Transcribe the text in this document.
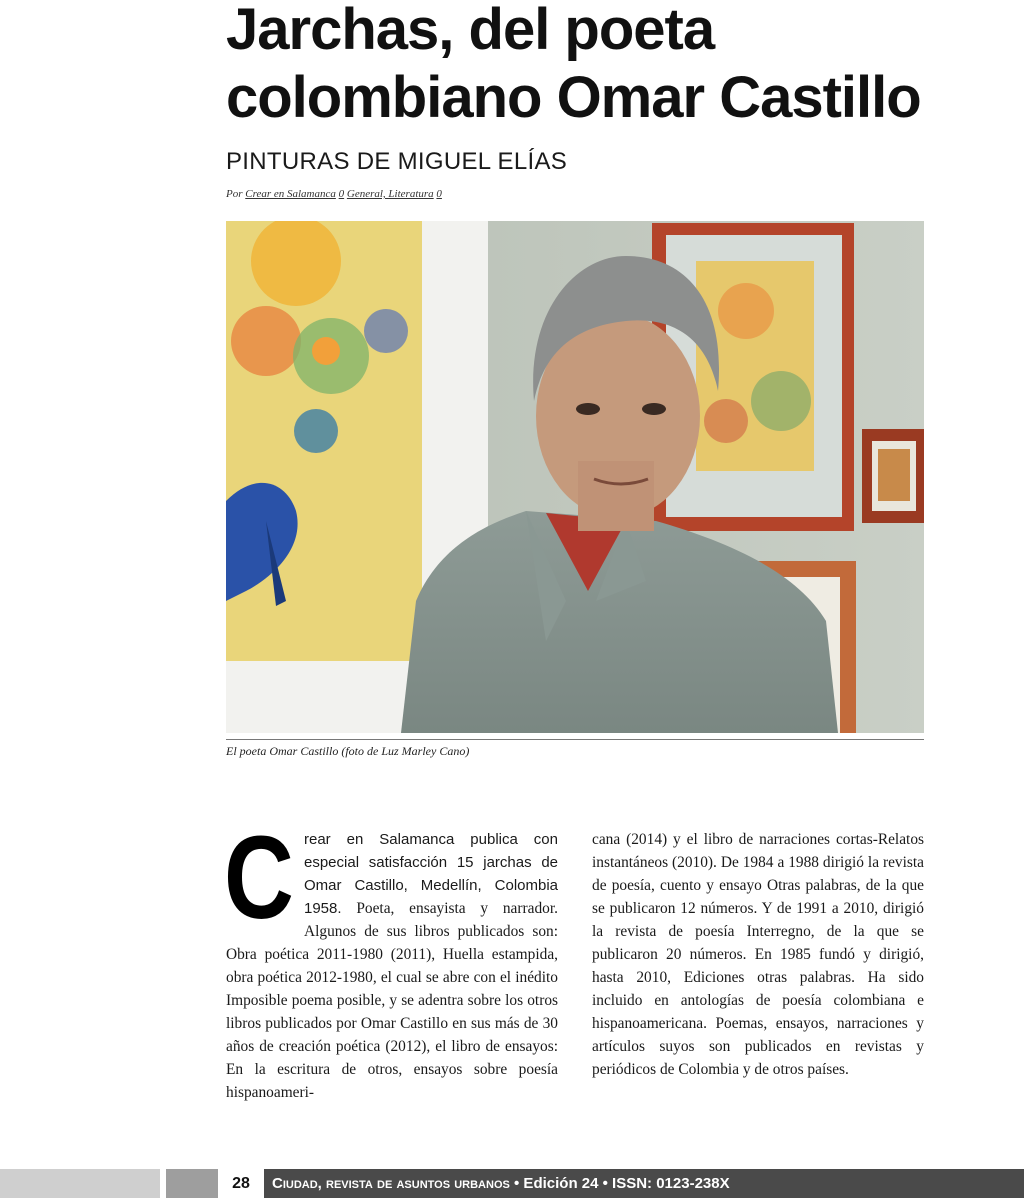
Jarchas, del poeta
colombiano Omar Castillo
PINTURAS DE MIGUEL ELÍAS
Por Crear en Salamanca 0 General, Literatura 0
El poeta Omar Castillo (foto de Luz Marley Cano)
C rear en Salamanca publica con especial satisfacción 15 jarchas de Omar Castillo, Medellín, Colombia 1958. Poeta, ensayista y narrador. Algunos de sus libros publicados son: Obra poética 2011-1980 (2011), Huella estampida, obra poética 2012-1980, el cual se abre con el inédito Imposible poema posible, y se adentra sobre los otros libros publicados por Omar Castillo en sus más de 30 años de creación poética (2012), el libro de ensayos: En la escritura de otros, ensayos sobre poesía hispanoameri-

cana (2014) y el libro de narraciones cortas-Relatos instantáneos (2010). De 1984 a 1988 dirigió la revista de poesía, cuento y ensayo Otras palabras, de la que se publicaron 12 números. Y de 1991 a 2010, dirigió la revista de poesía Interregno, de la que se publicaron 20 números. En 1985 fundó y dirigió, hasta 2010, Ediciones otras palabras. Ha sido incluido en antologías de poesía colombiana e hispanoamericana. Poemas, ensayos, narraciones y artículos suyos son publicados en revistas y periódicos de Colombia y de otros países.

28	Ciudad, revista de asuntos urbanos • Edición 24 • ISSN: 0123-238X
